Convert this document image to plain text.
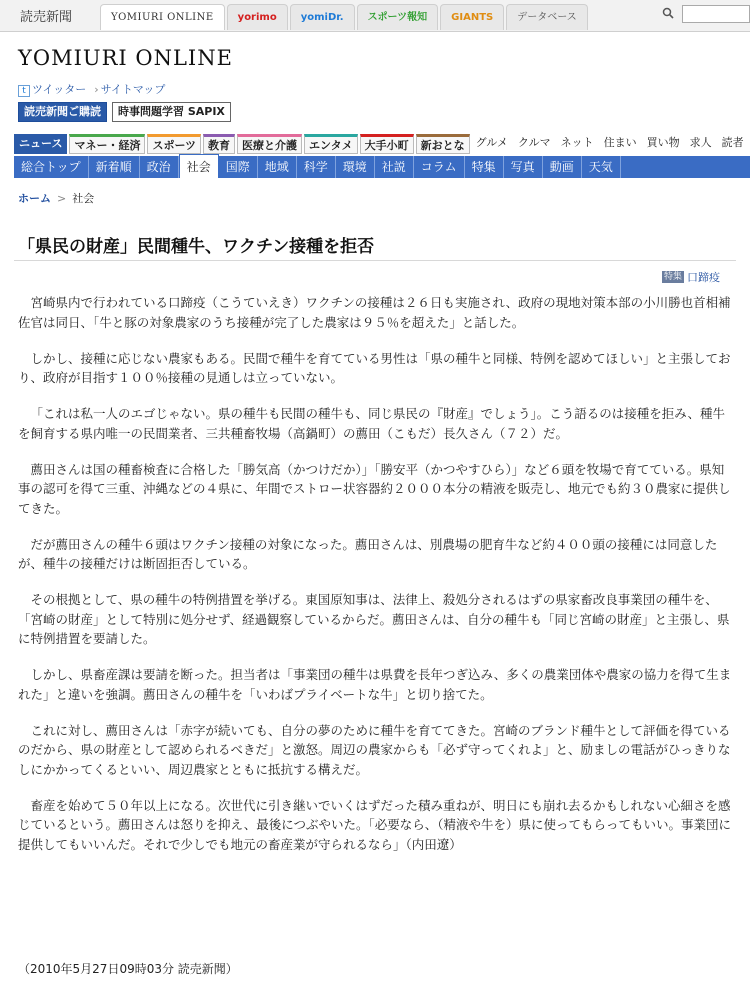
読売新聞	YOMIURI ONLINE	yorimo	yomiDr.	スポーツ報知	GIANTS	データベース
YOMIURI ONLINE
t ツイッター › サイトマップ
読売新聞ご購読	時事問題学習 SAPIX
ニュース	マネー・経済	スポーツ	教育	医療と介護	エンタメ	大手小町	新おとな	グルメ クルマ ネット 住まい 買い物 求人 読者
総合トップ	新着順	政治	社会	国際	地域	科学	環境	社説	コラム	特集	写真	動画	天気
ホーム > 社会
「県民の財産」民間種牛、ワクチン接種を拒否
特集 口蹄疫

宮崎県内で行われている口蹄疫（こうていえき）ワクチンの接種は２６日も実施され、政府の現地対策本部の小川勝也首相補佐官は同日、「牛と豚の対象農家のうち接種が完了した農家は９５％を超えた」と話した。

しかし、接種に応じない農家もある。民間で種牛を育てている男性は「県の種牛と同様、特例を認めてほしい」と主張しており、政府が目指す１００％接種の見通しは立っていない。

「これは私一人のエゴじゃない。県の種牛も民間の種牛も、同じ県民の『財産』でしょう」。こう語るのは接種を拒み、種牛を飼育する県内唯一の民間業者、三共種畜牧場（高鍋町）の薦田（こもだ）長久さん（７２）だ。

薦田さんは国の種畜検査に合格した「勝気高（かつけだか）」「勝安平（かつやすひら）」など６頭を牧場で育てている。県知事の認可を得て三重、沖縄などの４県に、年間でストロー状容器約２０００本分の精液を販売し、地元でも約３０農家に提供してきた。

だが薦田さんの種牛６頭はワクチン接種の対象になった。薦田さんは、別農場の肥育牛など約４００頭の接種には同意したが、種牛の接種だけは断固拒否している。

その根拠として、県の種牛の特例措置を挙げる。東国原知事は、法律上、殺処分されるはずの県家畜改良事業団の種牛を、「宮崎の財産」として特別に処分せず、経過観察しているからだ。薦田さんは、自分の種牛も「同じ宮崎の財産」と主張し、県に特例措置を要請した。

しかし、県畜産課は要請を断った。担当者は「事業団の種牛は県費を長年つぎ込み、多くの農業団体や農家の協力を得て生まれた」と違いを強調。薦田さんの種牛を「いわばプライベートな牛」と切り捨てた。

これに対し、薦田さんは「赤字が続いても、自分の夢のために種牛を育ててきた。宮崎のブランド種牛として評価を得ているのだから、県の財産として認められるべきだ」と激怒。周辺の農家からも「必ず守ってくれよ」と、励ましの電話がひっきりなしにかかってくるといい、周辺農家とともに抵抗する構えだ。

畜産を始めて５０年以上になる。次世代に引き継いでいくはずだった積み重ねが、明日にも崩れ去るかもしれない心細さを感じているという。薦田さんは怒りを抑え、最後につぶやいた。「必要なら、（精液や牛を）県に使ってもらってもいい。事業団に提供してもいいんだ。それで少しでも地元の畜産業が守られるなら」（内田遼）

（2010年5月27日09時03分 読売新聞）
